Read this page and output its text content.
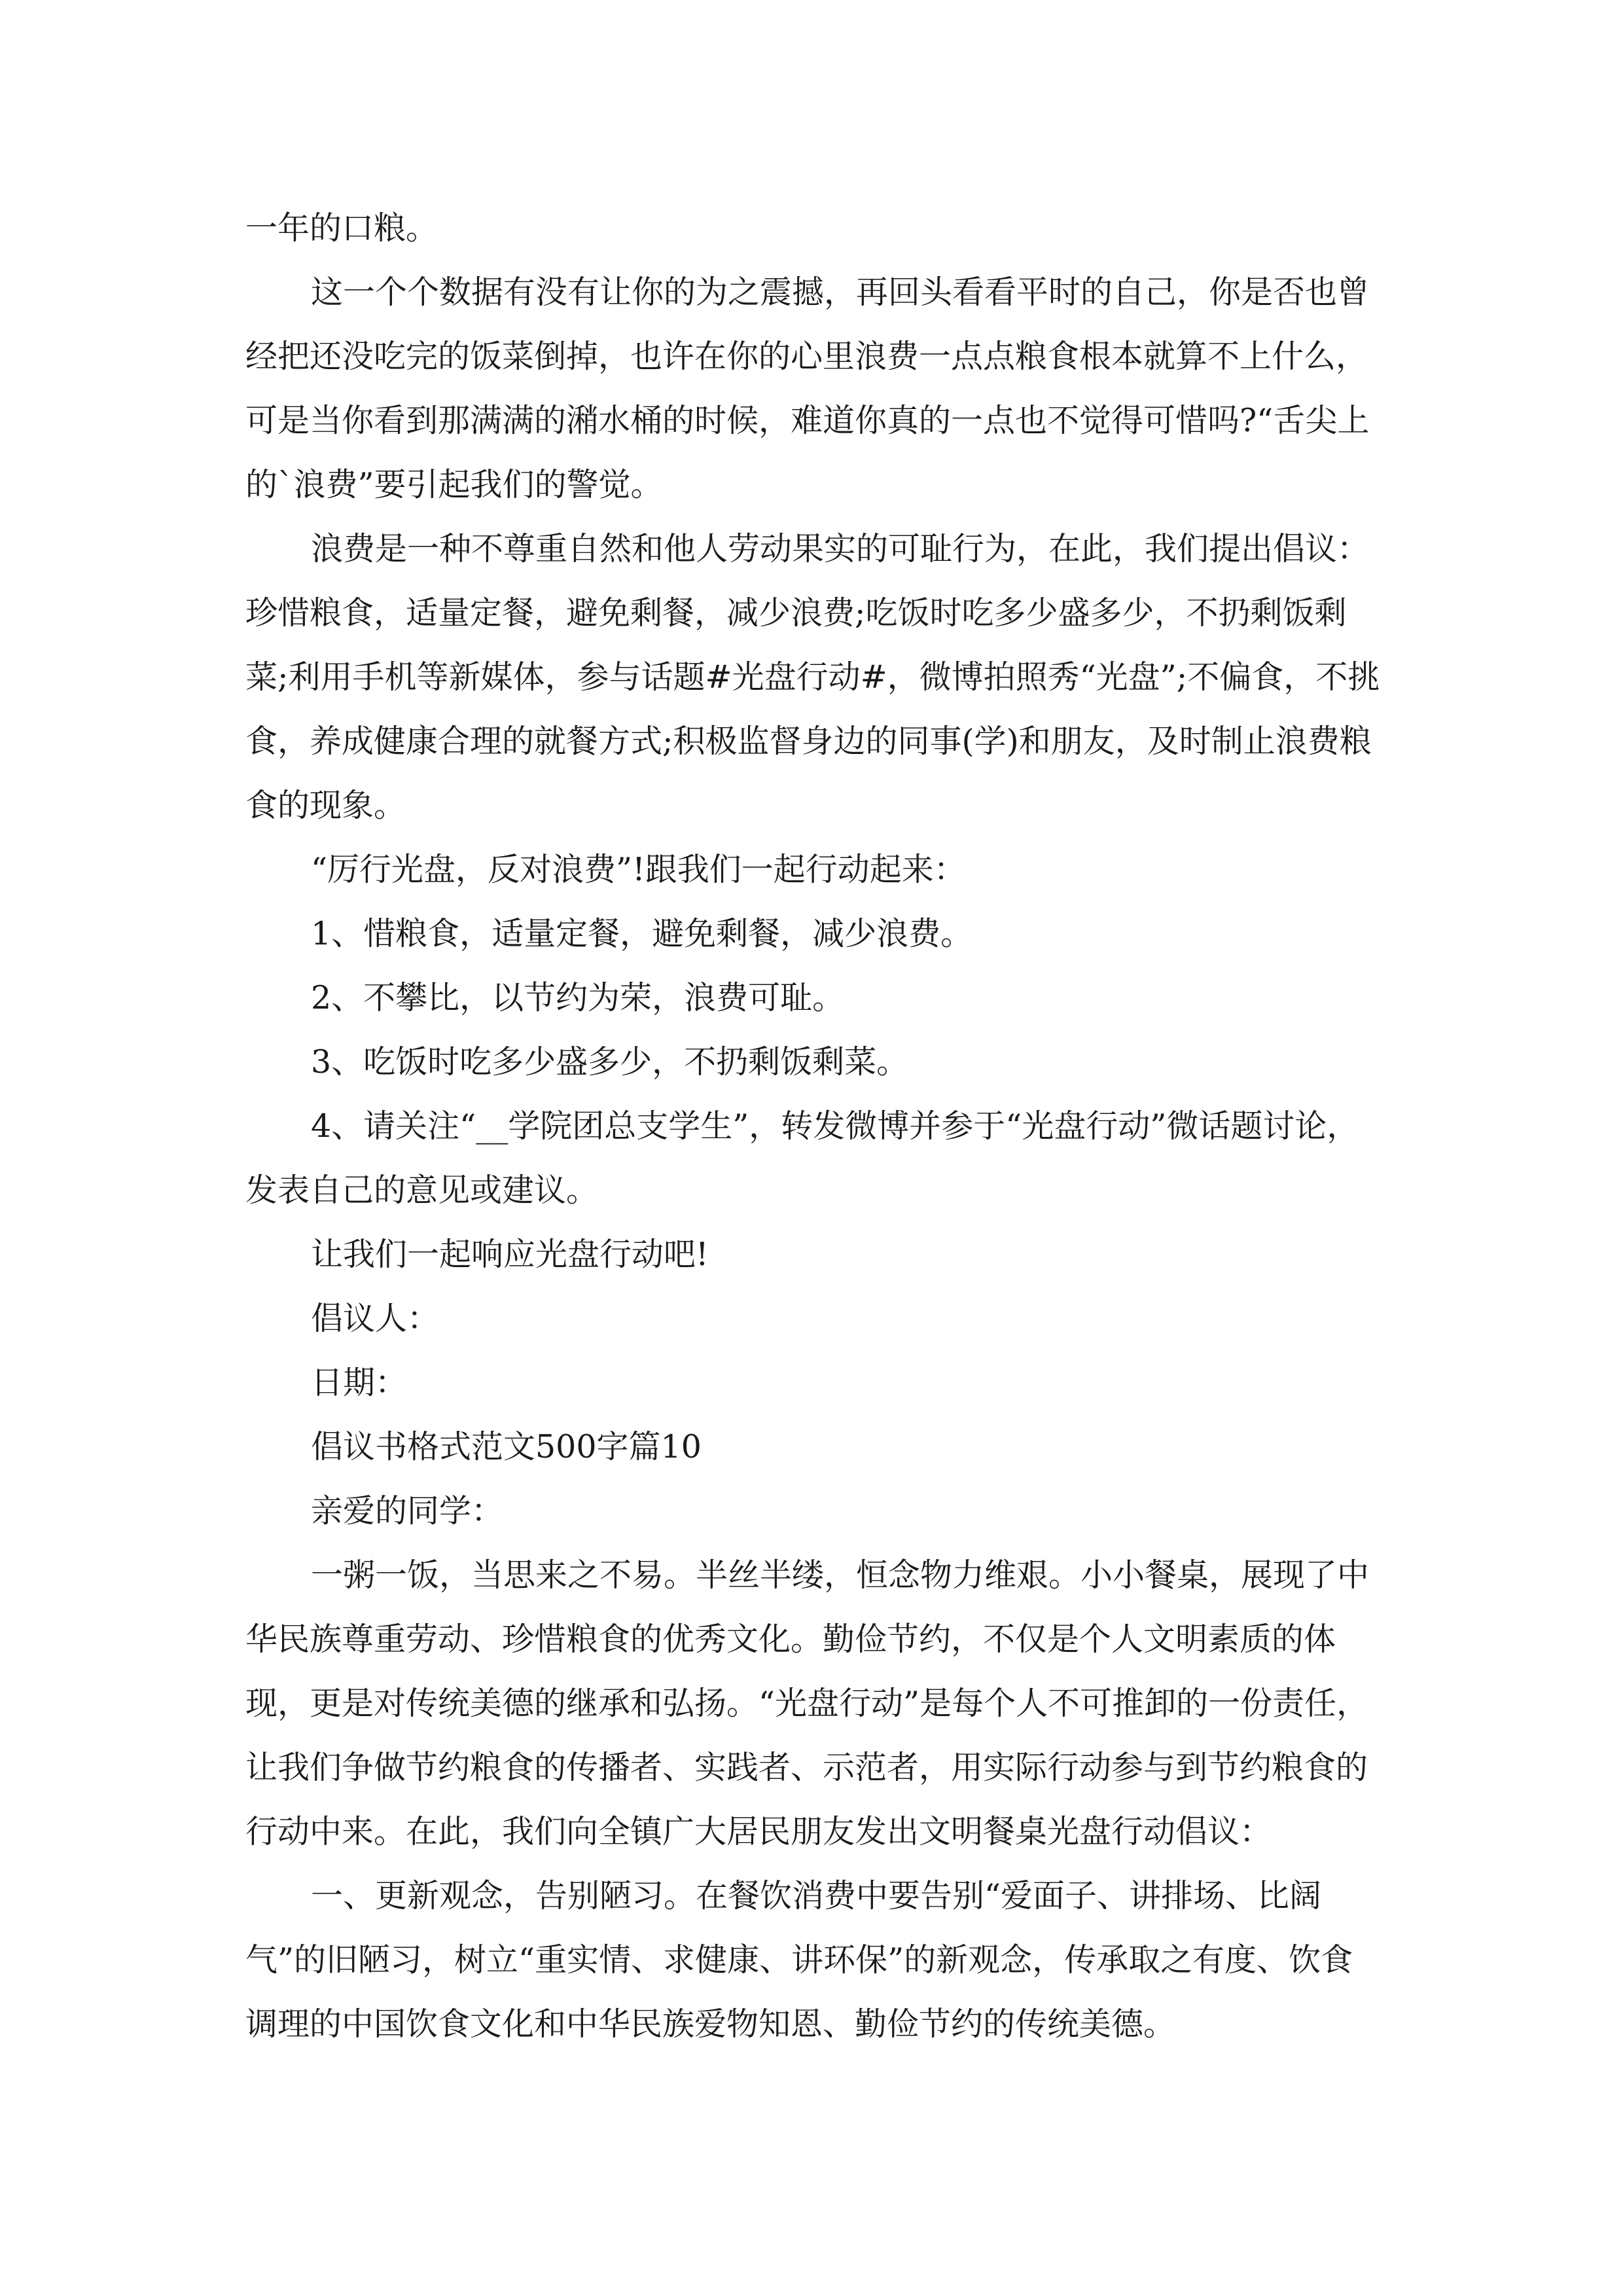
一年的口粮。

这一个个数据有没有让你的为之震撼，再回头看看平时的自己，你是否也曾经把还没吃完的饭菜倒掉，也许在你的心里浪费一点点粮食根本就算不上什么，可是当你看到那满满的潲水桶的时候，难道你真的一点也不觉得可惜吗?“舌尖上的`浪费”要引起我们的警觉。

浪费是一种不尊重自然和他人劳动果实的可耻行为，在此，我们提出倡议：珍惜粮食，适量定餐，避免剩餐，减少浪费;吃饭时吃多少盛多少，不扔剩饭剩菜;利用手机等新媒体，参与话题#光盘行动#，微博拍照秀“光盘”;不偏食，不挑食，养成健康合理的就餐方式;积极监督身边的同事(学)和朋友，及时制止浪费粮食的现象。

“厉行光盘，反对浪费”!跟我们一起行动起来：

1、惜粮食，适量定餐，避免剩餐，减少浪费。

2、不攀比，以节约为荣，浪费可耻。

3、吃饭时吃多少盛多少，不扔剩饭剩菜。

4、请关注“__学院团总支学生”，转发微博并参于“光盘行动”微话题讨论，发表自己的意见或建议。

让我们一起响应光盘行动吧!

倡议人：

日期：

倡议书格式范文500字篇10

亲爱的同学：

一粥一饭，当思来之不易。半丝半缕，恒念物力维艰。小小餐桌，展现了中华民族尊重劳动、珍惜粮食的优秀文化。勤俭节约，不仅是个人文明素质的体现，更是对传统美德的继承和弘扬。“光盘行动”是每个人不可推卸的一份责任，让我们争做节约粮食的传播者、实践者、示范者，用实际行动参与到节约粮食的行动中来。在此，我们向全镇广大居民朋友发出文明餐桌光盘行动倡议：

一、更新观念，告别陋习。在餐饮消费中要告别“爱面子、讲排场、比阔气”的旧陋习，树立“重实情、求健康、讲环保”的新观念，传承取之有度、饮食调理的中国饮食文化和中华民族爱物知恩、勤俭节约的传统美德。
